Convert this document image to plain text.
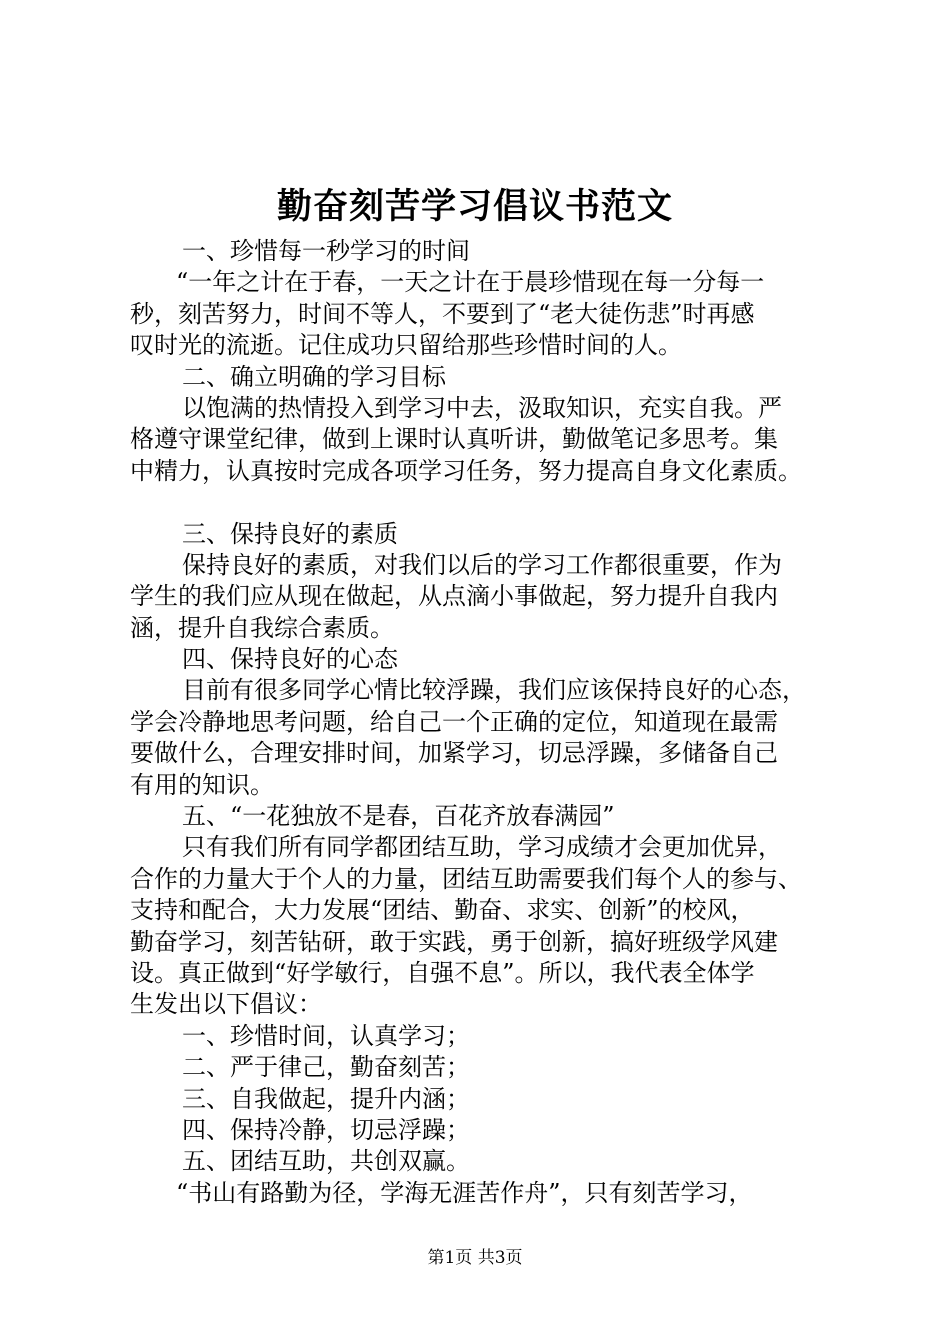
勤奋刻苦学习倡议书范文
一、珍惜每一秒学习的时间
“一年之计在于春，一天之计在于晨珍惜现在每一分每一
秒，刻苦努力，时间不等人，不要到了“老大徒伤悲”时再感
叹时光的流逝。记住成功只留给那些珍惜时间的人。
二、确立明确的学习目标
以饱满的热情投入到学习中去，汲取知识，充实自我。严
格遵守课堂纪律，做到上课时认真听讲，勤做笔记多思考。集
中精力，认真按时完成各项学习任务，努力提高自身文化素质。
三、保持良好的素质
保持良好的素质，对我们以后的学习工作都很重要，作为
学生的我们应从现在做起，从点滴小事做起，努力提升自我内
涵，提升自我综合素质。
四、保持良好的心态
目前有很多同学心情比较浮躁，我们应该保持良好的心态，
学会冷静地思考问题，给自己一个正确的定位，知道现在最需
要做什么，合理安排时间，加紧学习，切忌浮躁，多储备自己
有用的知识。
五、“一花独放不是春，百花齐放春满园”
只有我们所有同学都团结互助，学习成绩才会更加优异，
合作的力量大于个人的力量，团结互助需要我们每个人的参与、
支持和配合，大力发展“团结、勤奋、求实、创新”的校风，
勤奋学习，刻苦钻研，敢于实践，勇于创新，搞好班级学风建
设。真正做到“好学敏行，自强不息”。所以，我代表全体学
生发出以下倡议：
一、珍惜时间，认真学习；
二、严于律己，勤奋刻苦；
三、自我做起，提升内涵；
四、保持冷静，切忌浮躁；
五、团结互助，共创双赢。
“书山有路勤为径，学海无涯苦作舟”，只有刻苦学习，
第1页 共3页
